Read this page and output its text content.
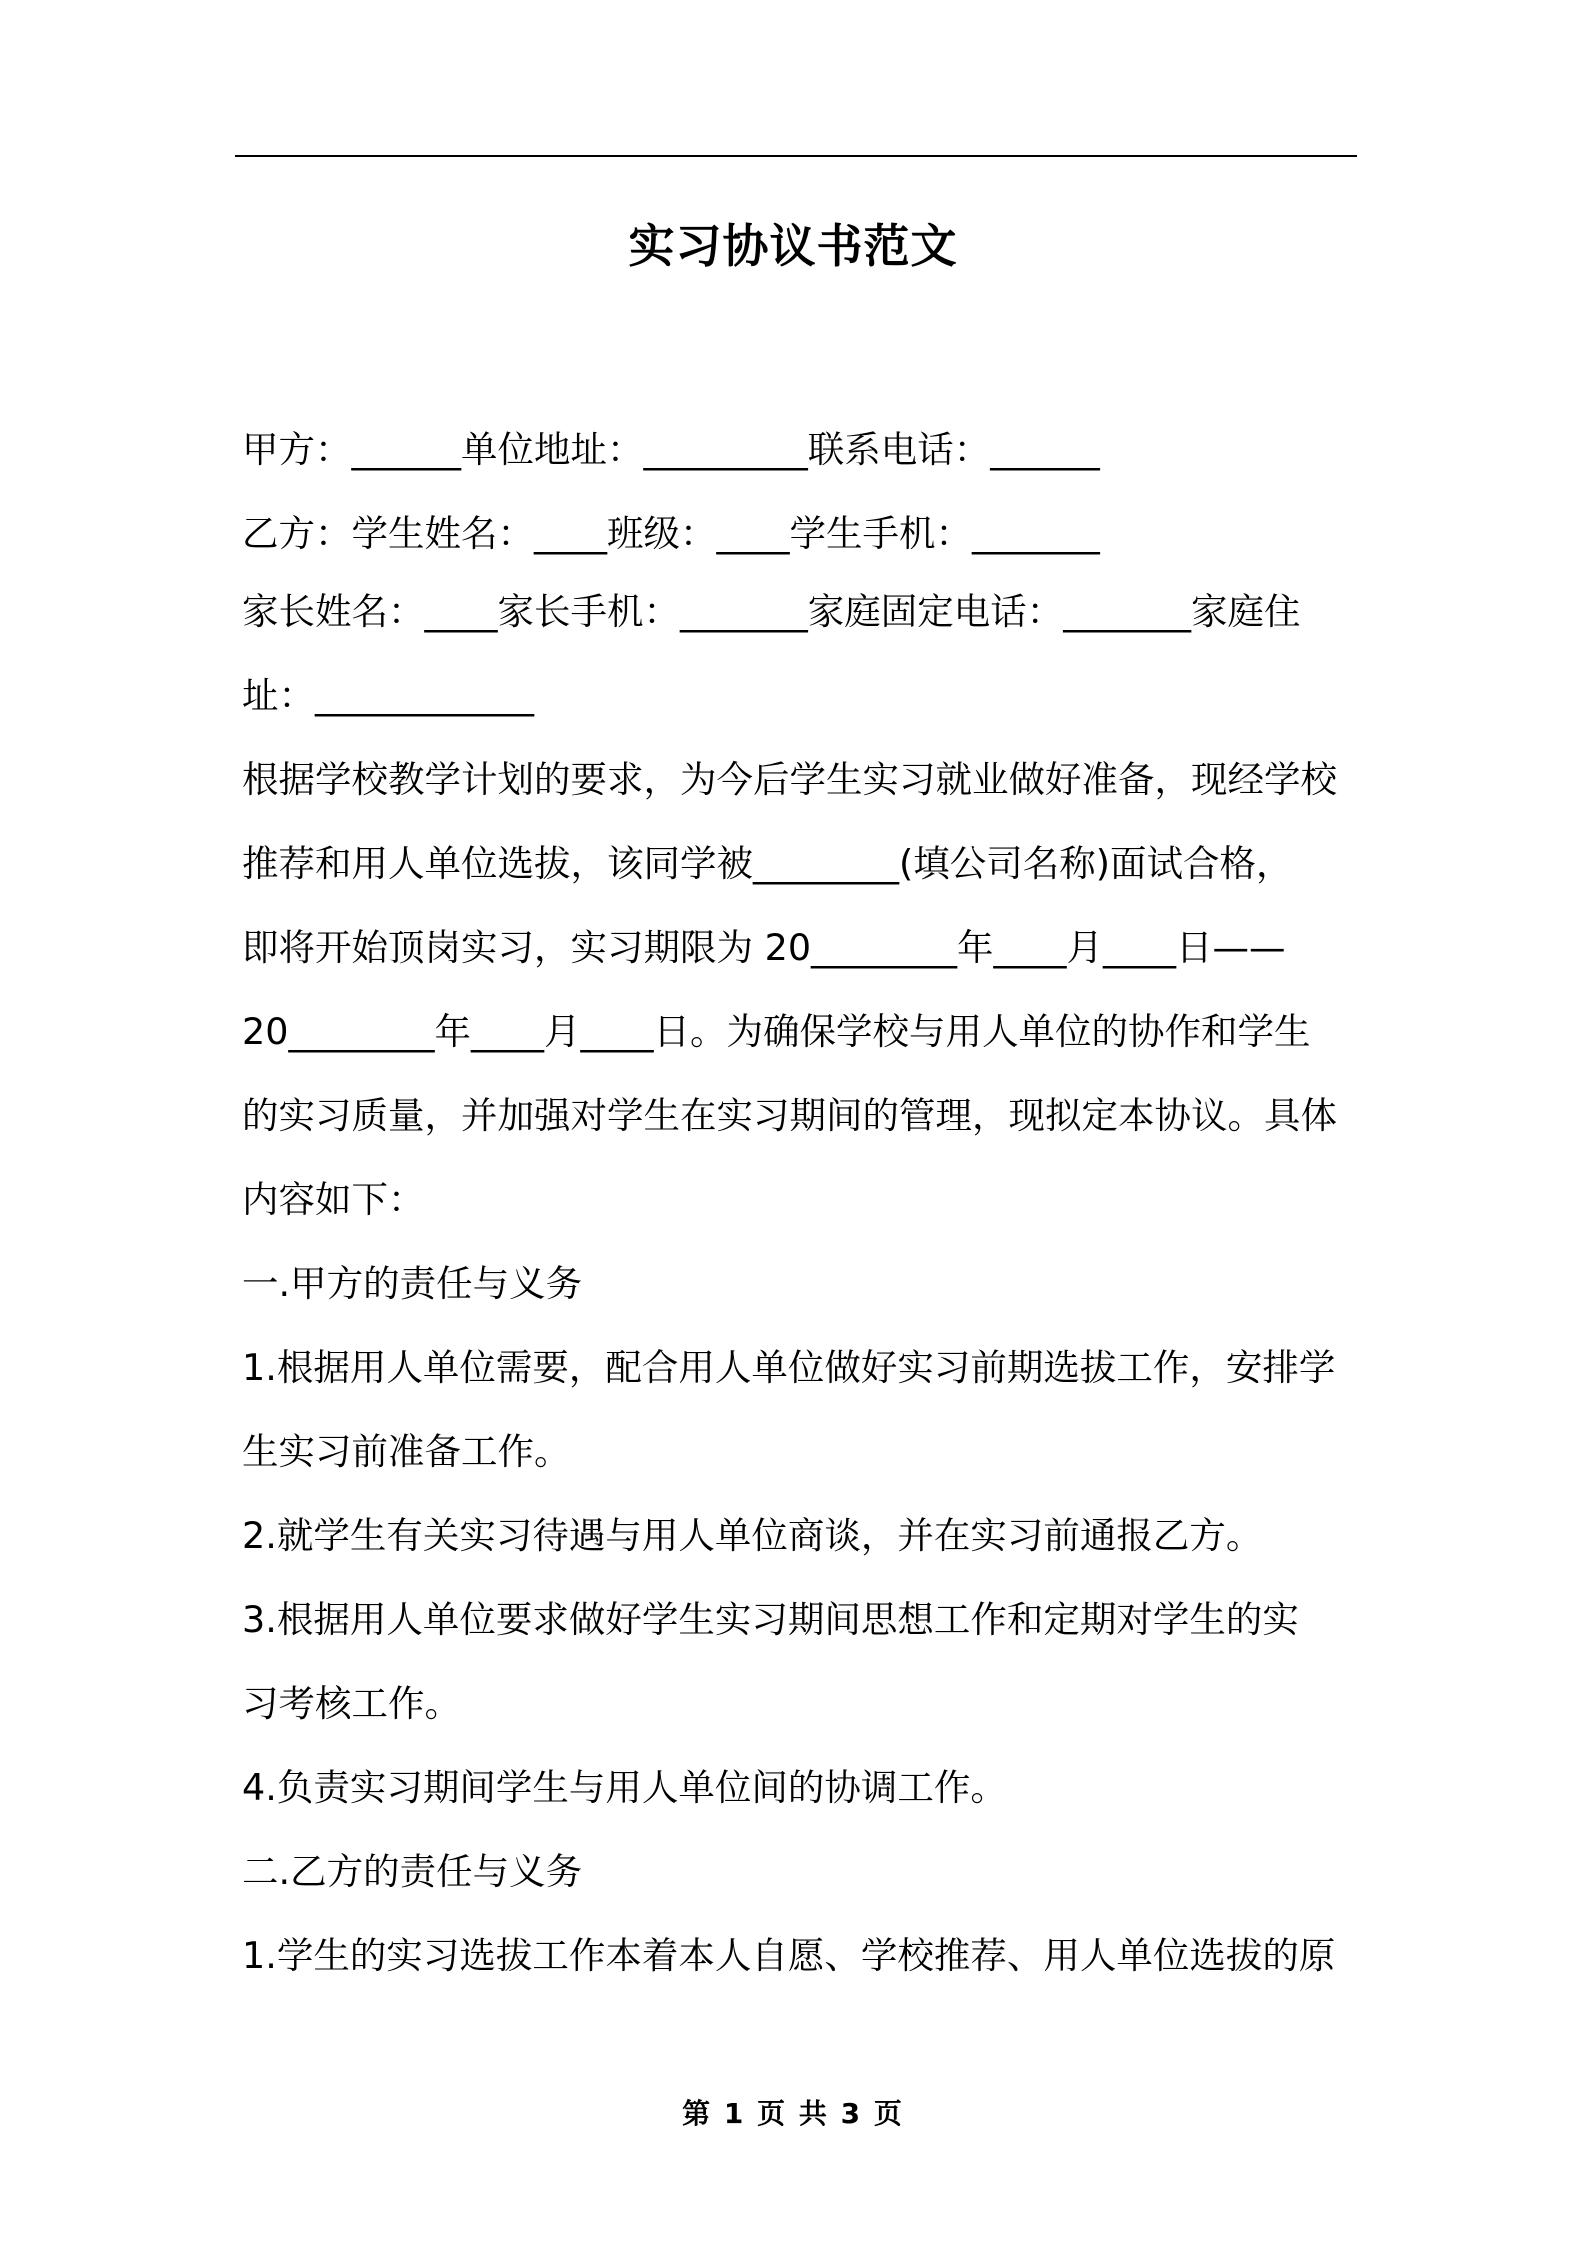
实习协议书范文
甲方：______单位地址：_________联系电话：______
乙方：学生姓名：____班级：____学生手机：_______
家长姓名：____家长手机：_______家庭固定电话：_______家庭住
址：____________
根据学校教学计划的要求，为今后学生实习就业做好准备，现经学校
推荐和用人单位选拔，该同学被________(填公司名称)面试合格，
即将开始顶岗实习，实习期限为 20________年____月____日——
20________年____月____日。为确保学校与用人单位的协作和学生
的实习质量，并加强对学生在实习期间的管理，现拟定本协议。具体
内容如下：
一.甲方的责任与义务
1.根据用人单位需要，配合用人单位做好实习前期选拔工作，安排学
生实习前准备工作。
2.就学生有关实习待遇与用人单位商谈，并在实习前通报乙方。
3.根据用人单位要求做好学生实习期间思想工作和定期对学生的实
习考核工作。
4.负责实习期间学生与用人单位间的协调工作。
二.乙方的责任与义务
1.学生的实习选拔工作本着本人自愿、学校推荐、用人单位选拔的原
第 1 页 共 3 页
